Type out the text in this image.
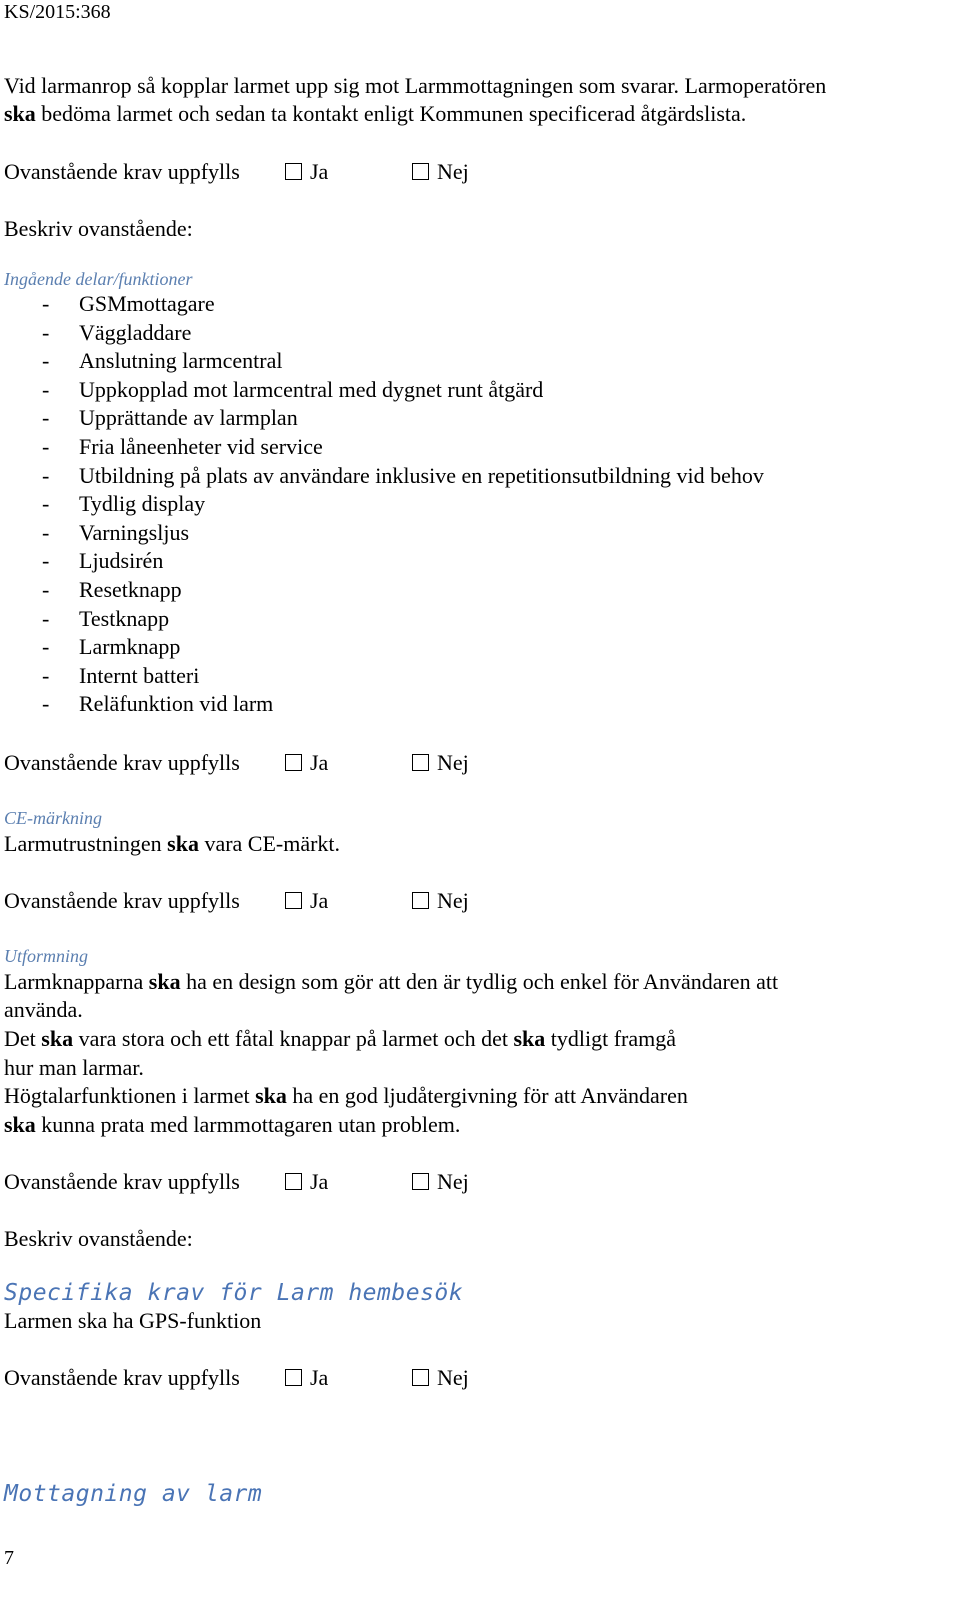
KS/2015:368
Vid larmanrop så kopplar larmet upp sig mot Larmmottagningen som svarar. Larmoperatören
ska bedöma larmet och sedan ta kontakt enligt Kommunen specificerad åtgärdslista.
Ovanstående krav uppfylls	Ja	Nej
Beskriv ovanstående:
Ingående delar/funktioner
- GSMmottagare
- Väggladdare
- Anslutning larmcentral
- Uppkopplad mot larmcentral med dygnet runt åtgärd
- Upprättande av larmplan
- Fria låneenheter vid service
- Utbildning på plats av användare inklusive en repetitionsutbildning vid behov
- Tydlig display
- Varningsljus
- Ljudsirén
- Resetknapp
- Testknapp
- Larmknapp
- Internt batteri
- Reläfunktion vid larm
Ovanstående krav uppfylls	Ja	Nej
CE-märkning
Larmutrustningen ska vara CE-märkt.
Ovanstående krav uppfylls	Ja	Nej
Utformning
Larmknapparna ska ha en design som gör att den är tydlig och enkel för Användaren att
använda.
Det ska vara stora och ett fåtal knappar på larmet och det ska tydligt framgå
hur man larmar.
Högtalarfunktionen i larmet ska ha en god ljudåtergivning för att Användaren
ska kunna prata med larmmottagaren utan problem.
Ovanstående krav uppfylls	Ja	Nej
Beskriv ovanstående:
Specifika krav för Larm hembesök
Larmen ska ha GPS-funktion
Ovanstående krav uppfylls	Ja	Nej
Mottagning av larm
7
